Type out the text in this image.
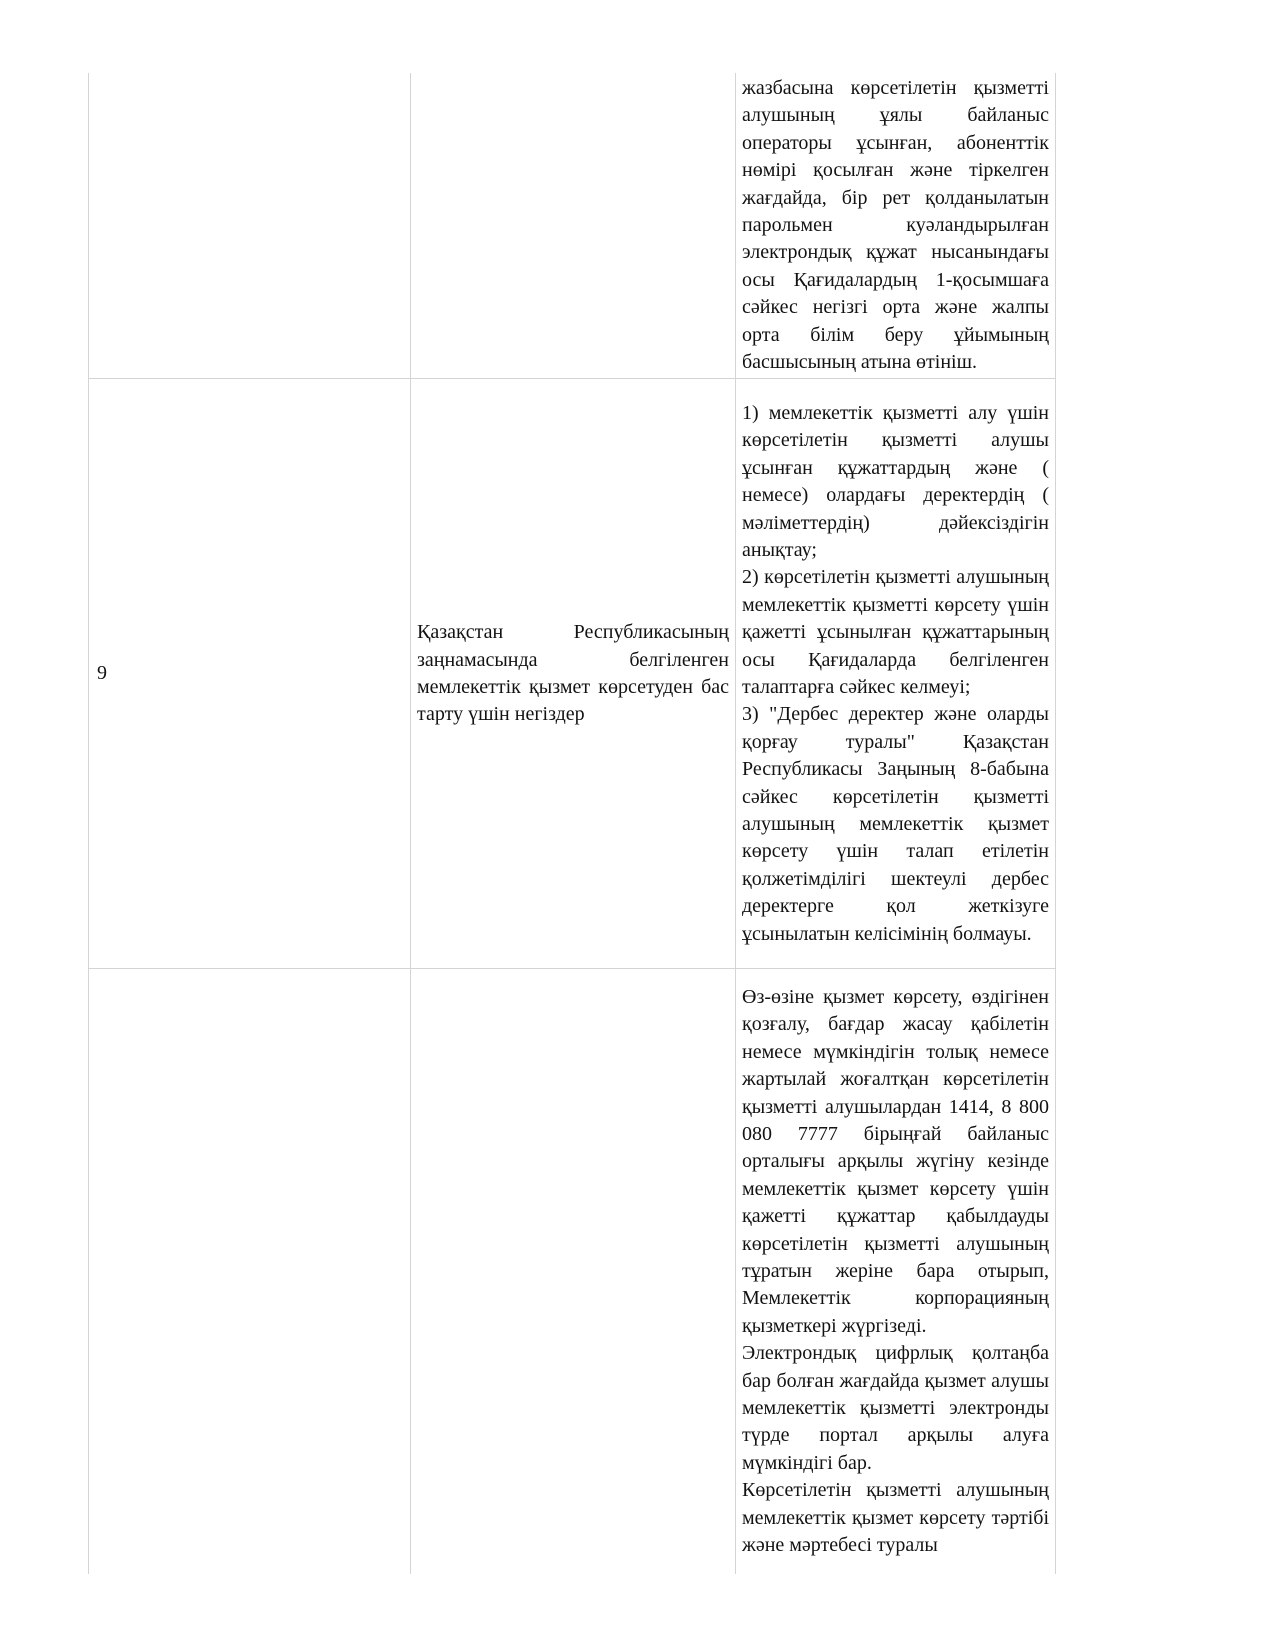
		жазбасына көрсетілетін қызметті алушының ұялы байланыс операторы ұсынған, абоненттік нөмірі қосылған және тіркелген жағдайда, бір рет қолданылатын парольмен куәландырылған электрондық құжат нысанындағы осы Қағидалардың 1-қосымшаға сәйкес негізгі орта және жалпы орта білім беру ұйымының басшысының атына өтініш.

9	Қазақстан Республикасының заңнамасында белгіленген мемлекеттік қызмет көрсетуден бас тарту үшін негіздер	1) мемлекеттік қызметті алу үшін көрсетілетін қызметті алушы ұсынған құжаттардың және ( немесе) олардағы деректердің ( мәліметтердің) дәйексіздігін анықтау;

2) көрсетілетін қызметті алушының мемлекеттік қызметті көрсету үшін қажетті ұсынылған құжаттарының осы Қағидаларда белгіленген талаптарға сәйкес келмеуі;

3) "Дербес деректер және оларды қорғау туралы" Қазақстан Республикасы Заңының 8-бабына сәйкес көрсетілетін қызметті алушының мемлекеттік қызмет көрсету үшін талап етілетін қолжетімділігі шектеулі дербес деректерге қол жеткізуге ұсынылатын келісімінің болмауы.

		Өз-өзіне қызмет көрсету, өздігінен қозғалу, бағдар жасау қабілетін немесе мүмкіндігін толық немесе жартылай жоғалтқан көрсетілетін қызметті алушылардан 1414, 8 800 080 7777 бірыңғай байланыс орталығы арқылы жүгіну кезінде мемлекеттік қызмет көрсету үшін қажетті құжаттар қабылдауды көрсетілетін қызметті алушының тұратын жеріне бара отырып, Мемлекеттік корпорацияның қызметкері жүргізеді.

Электрондық цифрлық қолтаңба бар болған жағдайда қызмет алушы мемлекеттік қызметті электронды түрде портал арқылы алуға мүмкіндігі бар.

Көрсетілетін қызметті алушының мемлекеттік қызмет көрсету тәртібі және мәртебесі туралы
